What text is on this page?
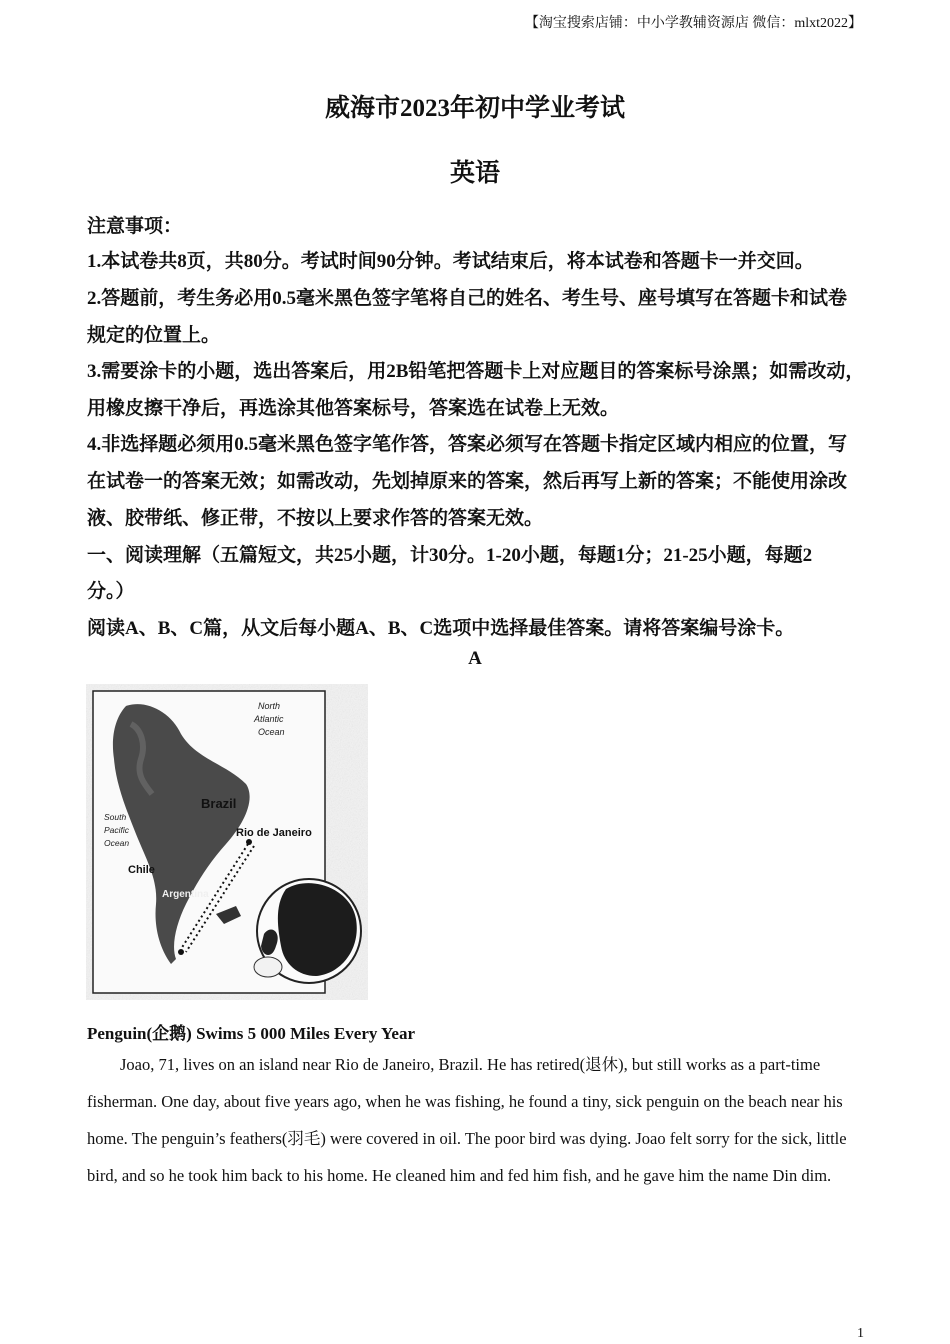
【淘宝搜索店铺：中小学教辅资源店 微信：mlxt2022】
威海市2023年初中学业考试
英语
注意事项：
1.本试卷共8页，共80分。考试时间90分钟。考试结束后，将本试卷和答题卡一并交回。
2.答题前，考生务必用0.5毫米黑色签字笔将自己的姓名、考生号、座号填写在答题卡和试卷
规定的位置上。
3.需要涂卡的小题，选出答案后，用2B铅笔把答题卡上对应题目的答案标号涂黑；如需改动，
用橡皮擦干净后，再选涂其他答案标号，答案选在试卷上无效。
4.非选择题必须用0.5毫米黑色签字笔作答，答案必须写在答题卡指定区域内相应的位置，写
在试卷一的答案无效；如需改动，先划掉原来的答案，然后再写上新的答案；不能使用涂改
液、胶带纸、修正带，不按以上要求作答的答案无效。
一、阅读理解（五篇短文，共25小题，计30分。1-20小题，每题1分；21-25小题，每题2
分。）
阅读A、B、C篇，从文后每小题A、B、C选项中选择最佳答案。请将答案编号涂卡。
A
North
Atlantic
Ocean
Brazil
Rio de Janeiro
South
Pacific
Ocean
Chile
Argentina
Penguin(企鹅) Swims 5 000 Miles Every Year
Joao, 71, lives on an island near Rio de Janeiro, Brazil. He has retired(退休), but still works as a part-time fisherman. One day, about five years ago, when he was fishing, he found a tiny, sick penguin on the beach near his home. The penguin’s feathers(羽毛) were covered in oil. The poor bird was dying. Joao felt sorry for the sick, little bird, and so he took him back to his home. He cleaned him and fed him fish, and he gave him the name Din dim.
1
